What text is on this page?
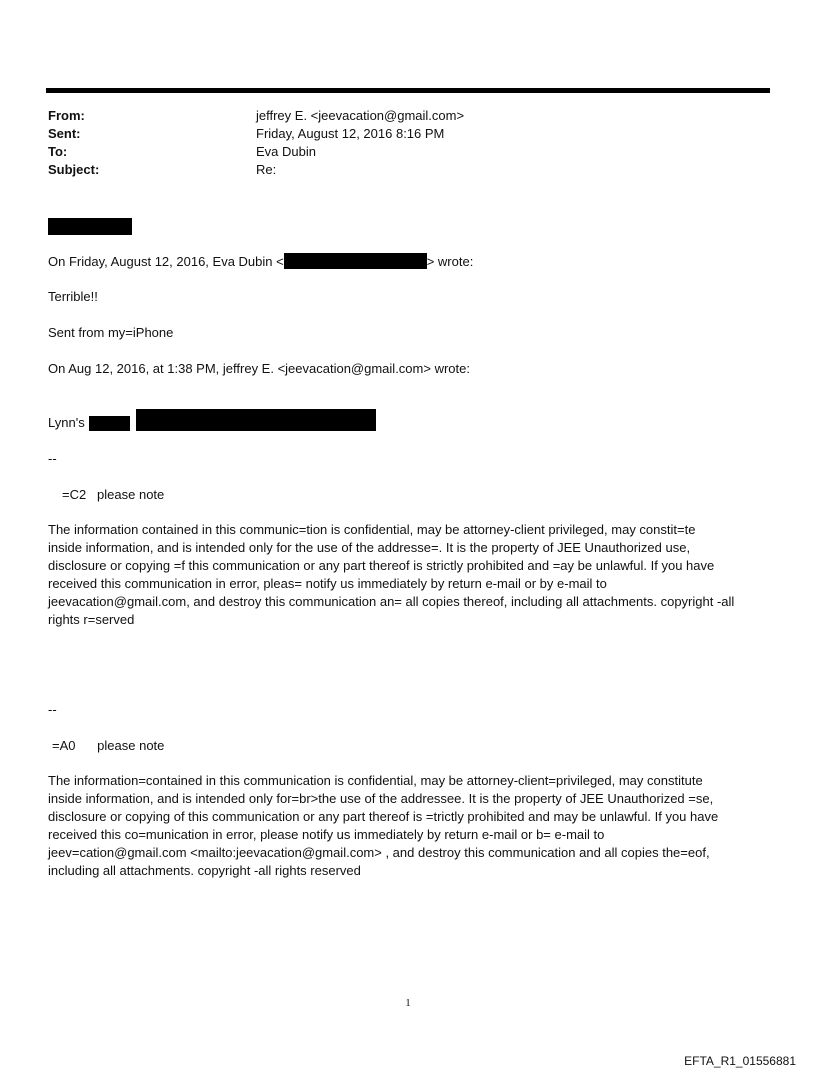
From:	jeffrey E. <jeevacation@gmail.com>
Sent:	Friday, August 12, 2016 8:16 PM
To:	Eva Dubin
Subject:	Re:
On Friday, August 12, 2016, Eva Dubin <	> wrote:
Terrible!!
Sent from my=iPhone
On Aug 12, 2016, at 1:38 PM, jeffrey E. <jeevacation@gmail.com> wrote:
Lynn's
--
=C2   please note
The information contained in this communic=tion is confidential, may be attorney-client privileged, may constit=te
inside information, and is intended only for the use of the addresse=. It is the property of JEE Unauthorized use,
disclosure or copying =f this communication or any part thereof is strictly prohibited and =ay be unlawful. If you have
received this communication in error, pleas= notify us immediately by return e-mail or by e-mail to
jeevacation@gmail.com, and destroy this communication an= all copies thereof, including all attachments. copyright -all
rights r=served
--
=A0      please note
The information=contained in this communication is confidential, may be attorney-client=privileged, may constitute
inside information, and is intended only for=br>the use of the addressee. It is the property of JEE Unauthorized =se,
disclosure or copying of this communication or any part thereof is =trictly prohibited and may be unlawful. If you have
received this co=munication in error, please notify us immediately by return e-mail or b= e-mail to
jeev=cation@gmail.com <mailto:jeevacation@gmail.com> , and destroy this communication and all copies the=eof,
including all attachments. copyright -all rights reserved
1
EFTA_R1_01556881
